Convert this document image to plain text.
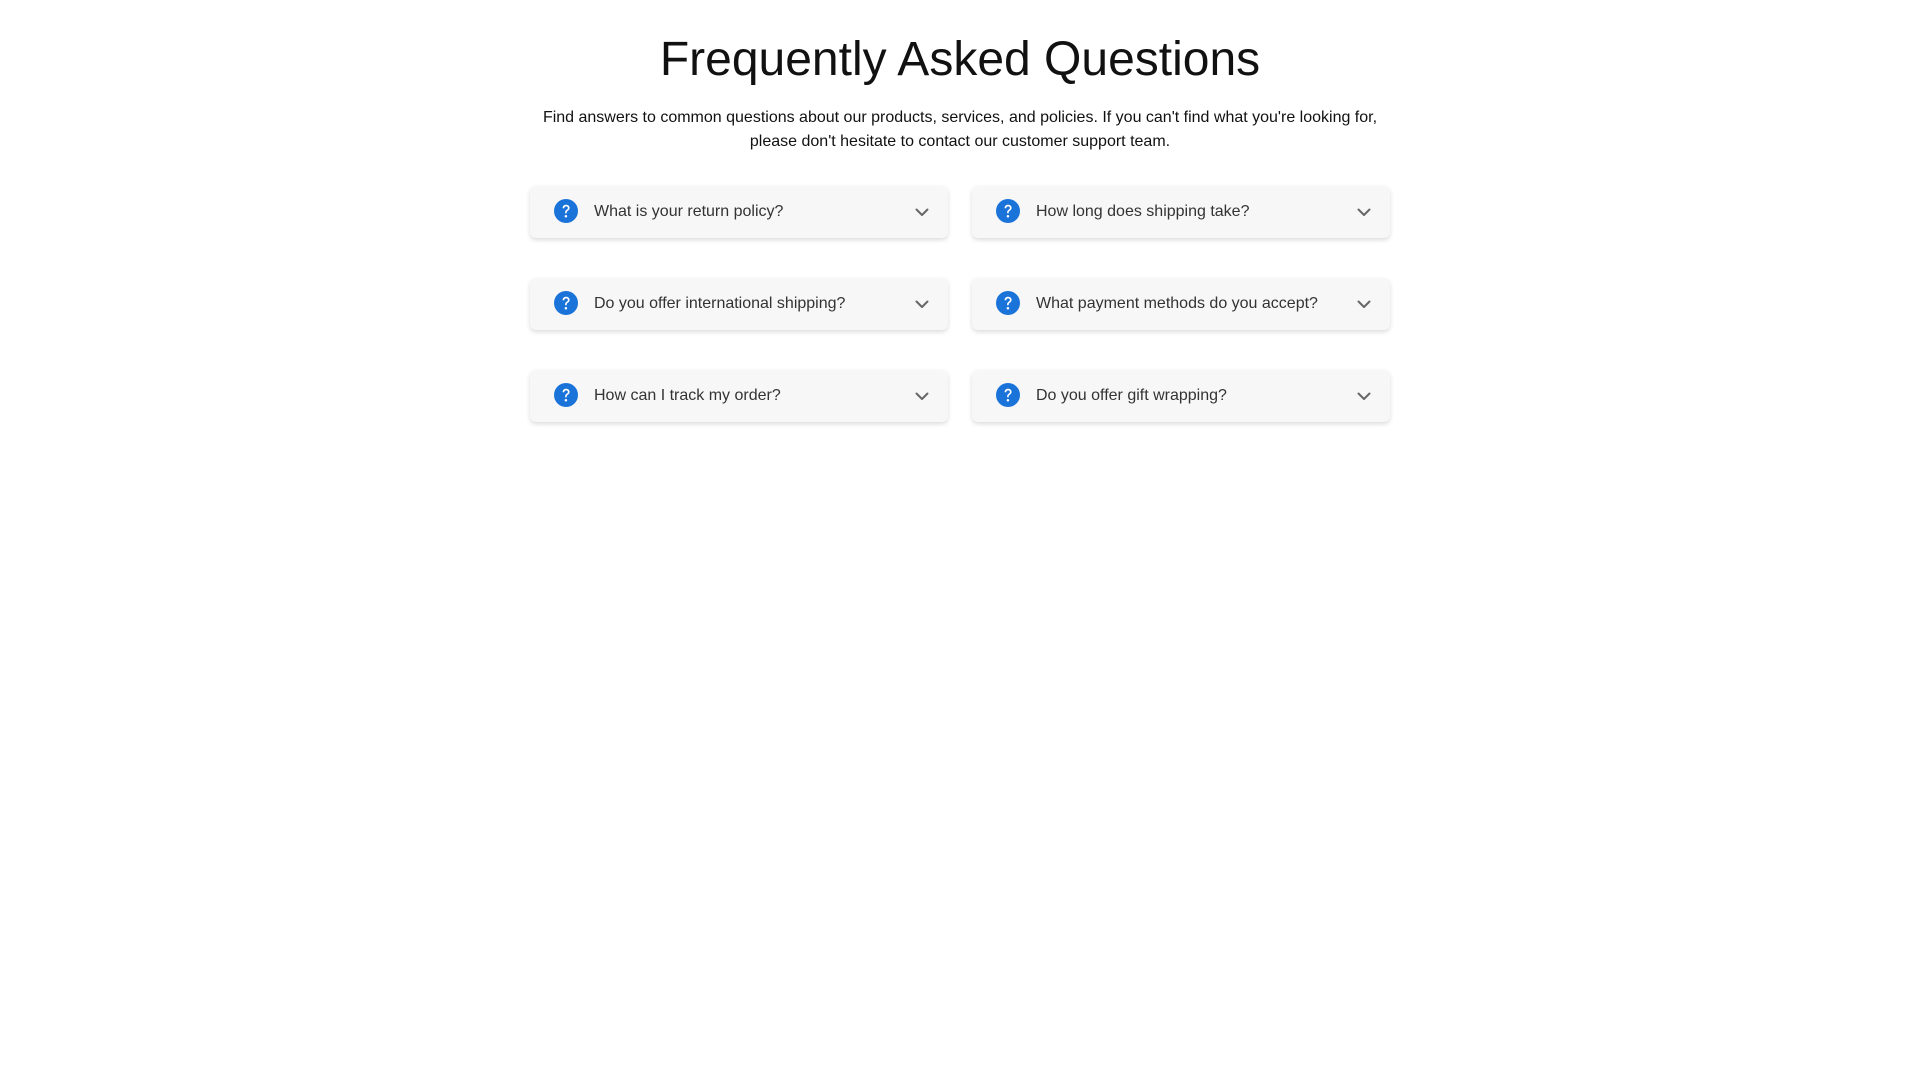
Frequently Asked Questions

Find answers to common questions about our products, services, and policies. If you can't find what you're looking for, please don't hesitate to contact our customer support team.

What is your return policy?	How long does shipping take?
Do you offer international shipping?	What payment methods do you accept?
How can I track my order?	Do you offer gift wrapping?
